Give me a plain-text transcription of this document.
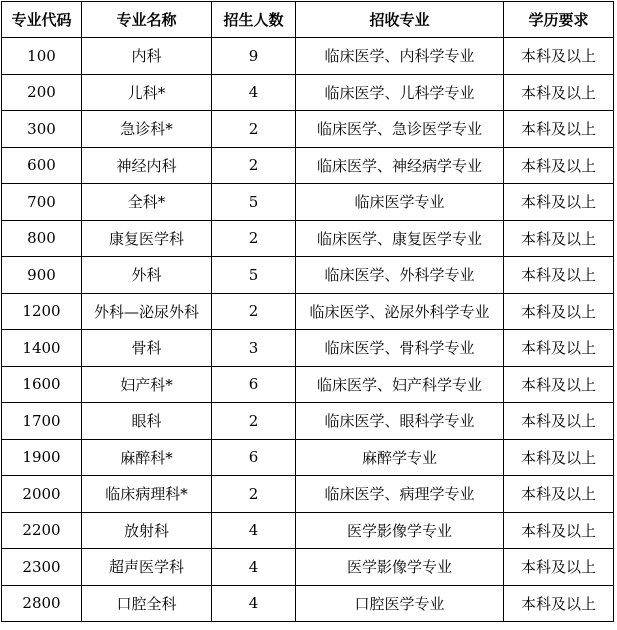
专业代码	专业名称	招生人数	招收专业	学历要求
100	内科	9	临床医学、内科学专业	本科及以上
200	儿科*	4	临床医学、儿科学专业	本科及以上
300	急诊科*	2	临床医学、急诊医学专业	本科及以上
600	神经内科	2	临床医学、神经病学专业	本科及以上
700	全科*	5	临床医学专业	本科及以上
800	康复医学科	2	临床医学、康复医学专业	本科及以上
900	外科	5	临床医学、外科学专业	本科及以上
1200	外科—泌尿外科	2	临床医学、泌尿外科学专业	本科及以上
1400	骨科	3	临床医学、骨科学专业	本科及以上
1600	妇产科*	6	临床医学、妇产科学专业	本科及以上
1700	眼科	2	临床医学、眼科学专业	本科及以上
1900	麻醉科*	6	麻醉学专业	本科及以上
2000	临床病理科*	2	临床医学、病理学专业	本科及以上
2200	放射科	4	医学影像学专业	本科及以上
2300	超声医学科	4	医学影像学专业	本科及以上
2800	口腔全科	4	口腔医学专业	本科及以上
